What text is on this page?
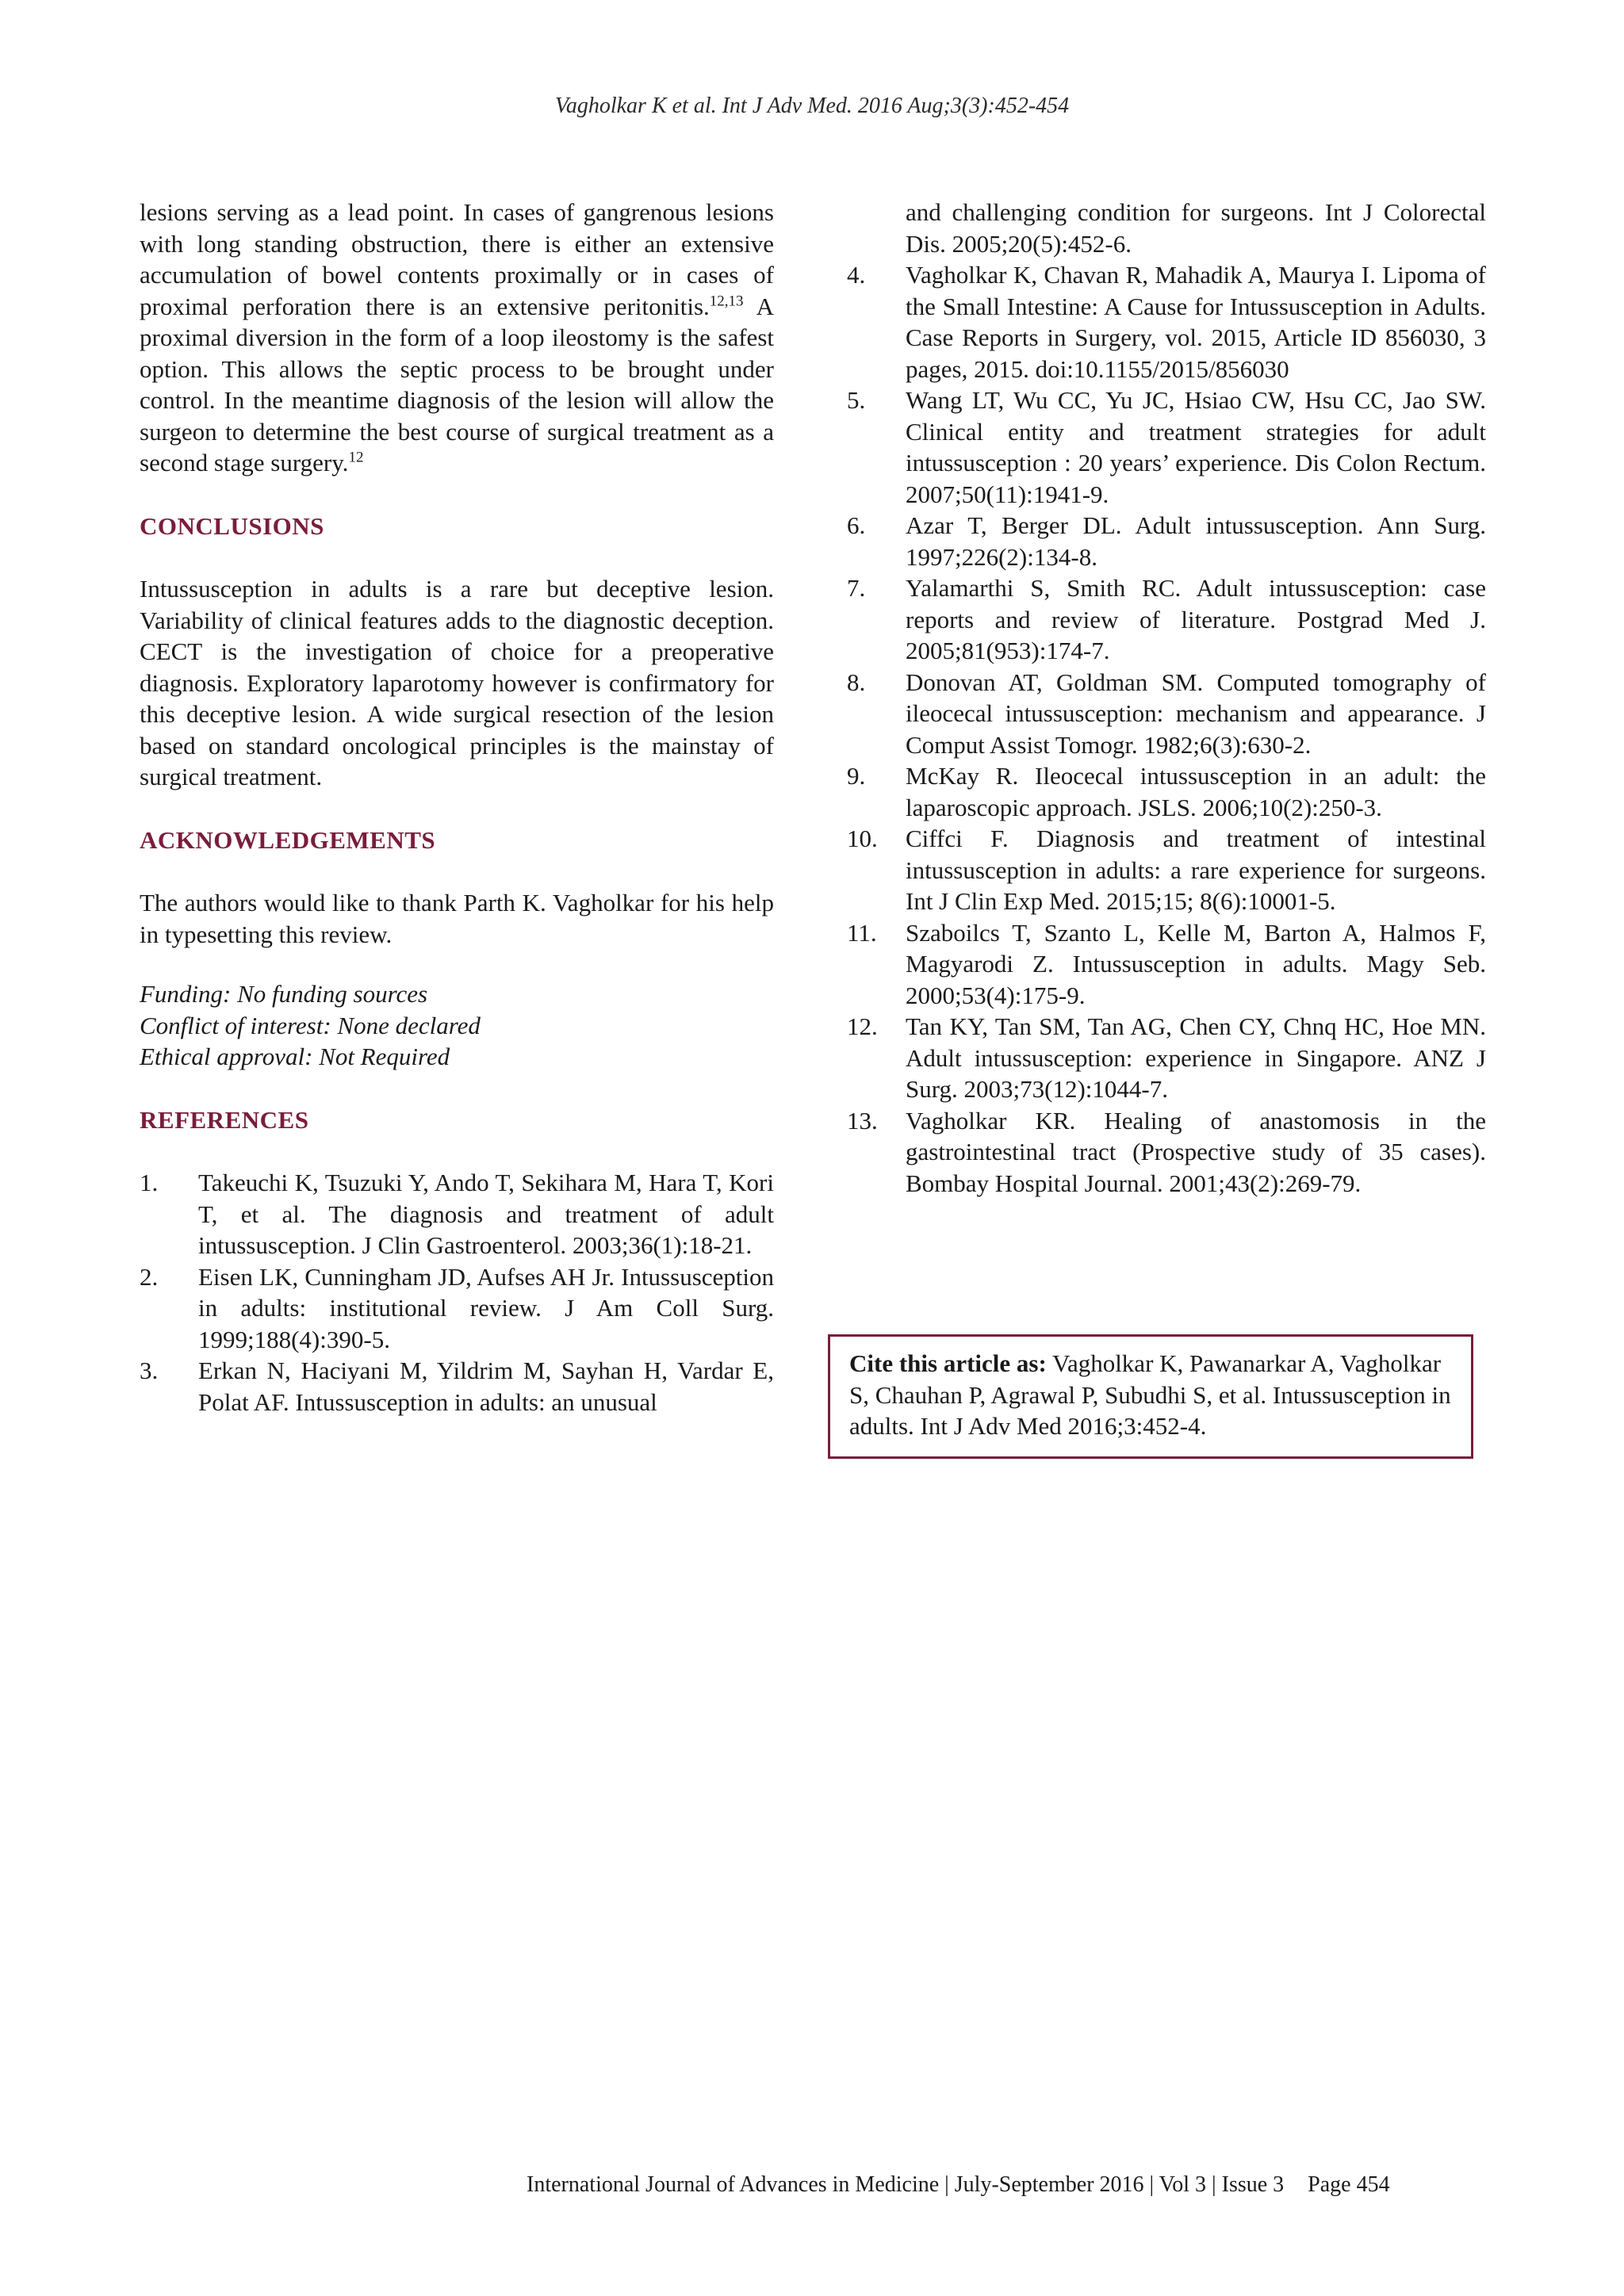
Vagholkar K et al. Int J Adv Med. 2016 Aug;3(3):452-454

lesions serving as a lead point. In cases of gangrenous lesions with long standing obstruction, there is either an extensive accumulation of bowel contents proximally or in cases of proximal perforation there is an extensive peritonitis.$^{12,13}$ A proximal diversion in the form of a loop ileostomy is the safest option. This allows the septic process to be brought under control. In the meantime diagnosis of the lesion will allow the surgeon to determine the best course of surgical treatment as a second stage surgery.$^{12}$

CONCLUSIONS

Intussusception in adults is a rare but deceptive lesion. Variability of clinical features adds to the diagnostic deception. CECT is the investigation of choice for a preoperative diagnosis. Exploratory laparotomy however is confirmatory for this deceptive lesion. A wide surgical resection of the lesion based on standard oncological principles is the mainstay of surgical treatment.

ACKNOWLEDGEMENTS

The authors would like to thank Parth K. Vagholkar for his help in typesetting this review.

Funding: No funding sources

Conflict of interest: None declared

Ethical approval: Not Required

REFERENCES
1.	Takeuchi K, Tsuzuki Y, Ando T, Sekihara M, Hara T, Kori T, et al. The diagnosis and treatment of adult intussusception. J Clin Gastroenterol. 2003;36(1):18-21.
2.	Eisen LK, Cunningham JD, Aufses AH Jr. Intussusception in adults: institutional review. J Am Coll Surg. 1999;188(4):390-5.
3.	Erkan N, Haciyani M, Yildrim M, Sayhan H, Vardar E, Polat AF. Intussusception in adults: an unusual

and challenging condition for surgeons. Int J Colorectal Dis. 2005;20(5):452-6.

4.	Vagholkar K, Chavan R, Mahadik A, Maurya I. Lipoma of the Small Intestine: A Cause for Intussusception in Adults. Case Reports in Surgery, vol. 2015, Article ID 856030, 3 pages, 2015. doi:10.1155/2015/856030
5.	Wang LT, Wu CC, Yu JC, Hsiao CW, Hsu CC, Jao SW. Clinical entity and treatment strategies for adult intussusception : 20 years’ experience. Dis Colon Rectum. 2007;50(11):1941-9.
6.	Azar T, Berger DL. Adult intussusception. Ann Surg. 1997;226(2):134-8.
7.	Yalamarthi S, Smith RC. Adult intussusception: case reports and review of literature. Postgrad Med J. 2005;81(953):174-7.
8.	Donovan AT, Goldman SM. Computed tomography of ileocecal intussusception: mechanism and appearance. J Comput Assist Tomogr. 1982;6(3):630-2.
9.	McKay R. Ileocecal intussusception in an adult: the laparoscopic approach. JSLS. 2006;10(2):250-3.
10.	Ciffci F. Diagnosis and treatment of intestinal intussusception in adults: a rare experience for surgeons. Int J Clin Exp Med. 2015;15; 8(6):10001-5.
11.	Szaboilcs T, Szanto L, Kelle M, Barton A, Halmos F, Magyarodi Z. Intussusception in adults. Magy Seb. 2000;53(4):175-9.
12.	Tan KY, Tan SM, Tan AG, Chen CY, Chnq HC, Hoe MN. Adult intussusception: experience in Singapore. ANZ J Surg. 2003;73(12):1044-7.
13.	Vagholkar KR. Healing of anastomosis in the gastrointestinal tract (Prospective study of 35 cases). Bombay Hospital Journal. 2001;43(2):269-79.
Cite this article as: Vagholkar K, Pawanarkar A, Vagholkar S, Chauhan P, Agrawal P, Subudhi S, et al. Intussusception in adults. Int J Adv Med 2016;3:452-4.
International Journal of Advances in Medicine | July-September 2016 | Vol 3 | Issue 3 Page 454
